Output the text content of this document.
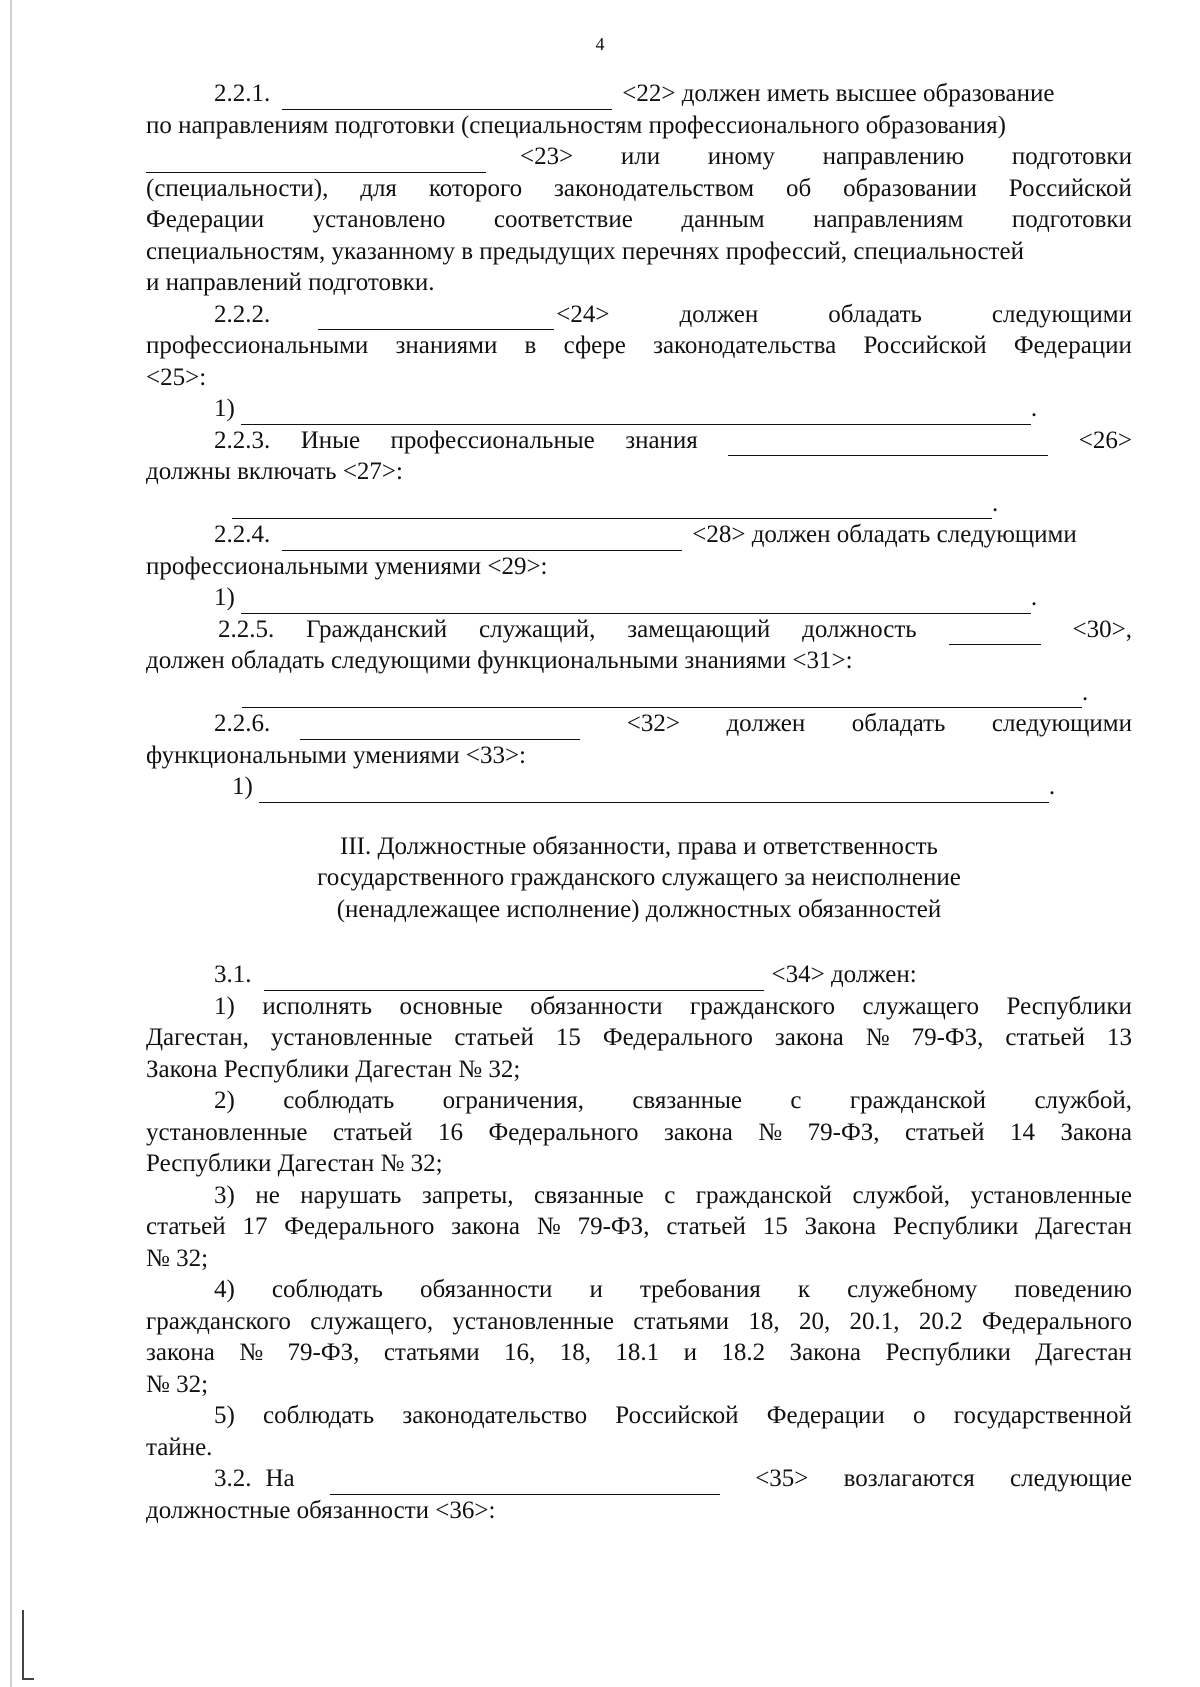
4
2.2.1.	<22> должен иметь высшее образование
по направлениям подготовки (специальностям профессионального образования)
<23> или иному направлению подготовки
(специальности), для которого законодательством об образовании Российской
Федерации установлено соответствие данным направлениям подготовки
специальностям, указанному в предыдущих перечнях профессий, специальностей
и направлений подготовки.
2.2.2.	<24>	должен	обладать	следующими
профессиональными знаниями в сфере законодательства Российской Федерации
<25>:
1)	.
2.2.3. Иные профессиональные знания	<26>
должны включать <27>:
.
2.2.4.	<28> должен обладать следующими
профессиональными умениями <29>:
1)	.
2.2.5. Гражданский служащий, замещающий должность	<30>,
должен обладать следующими функциональными знаниями <31>:
.
2.2.6.	<32> должен обладать следующими
функциональными умениями <33>:
1)	.
III. Должностные обязанности, права и ответственность
государственного гражданского служащего за неисполнение
(ненадлежащее исполнение) должностных обязанностей
3.1.	<34> должен:
1) исполнять основные обязанности гражданского служащего Республики
Дагестан, установленные статьей 15 Федерального закона № 79-ФЗ, статьей 13
Закона Республики Дагестан № 32;
2) соблюдать ограничения, связанные с гражданской службой,
установленные статьей 16 Федерального закона № 79-ФЗ, статьей 14 Закона
Республики Дагестан № 32;
3) не нарушать запреты, связанные с гражданской службой, установленные
статьей 17 Федерального закона № 79-ФЗ, статьей 15 Закона Республики Дагестан
№ 32;
4) соблюдать обязанности и требования к служебному поведению
гражданского служащего, установленные статьями 18, 20, 20.1, 20.2 Федерального
закона № 79-ФЗ, статьями 16, 18, 18.1 и 18.2 Закона Республики Дагестан
№ 32;
5) соблюдать законодательство Российской Федерации о государственной
тайне.
3.2. На	<35> возлагаются следующие
должностные обязанности <36>:
